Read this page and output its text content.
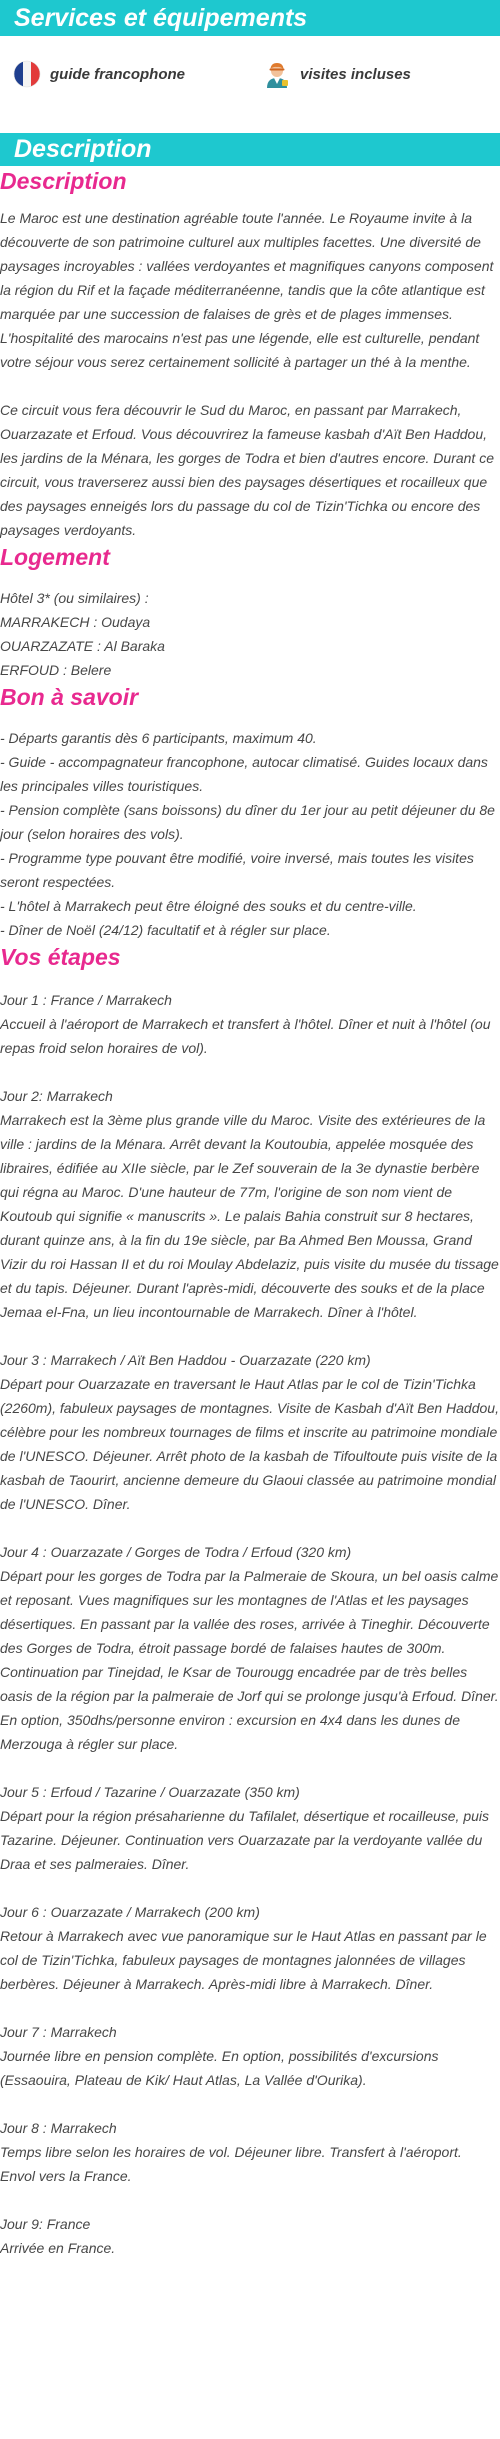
Services et équipements
guide francophone	visites incluses
Description
Description

Le Maroc est une destination agréable toute l'année. Le Royaume invite à la découverte de son patrimoine culturel aux multiples facettes. Une diversité de paysages incroyables : vallées verdoyantes et magnifiques canyons composent la région du Rif et la façade méditerranéenne, tandis que la côte atlantique est marquée par une succession de falaises de grès et de plages immenses. L'hospitalité des marocains n'est pas une légende, elle est culturelle, pendant votre séjour vous serez certainement sollicité à partager un thé à la menthe.

Ce circuit vous fera découvrir le Sud du Maroc, en passant par Marrakech, Ouarzazate et Erfoud. Vous découvrirez la fameuse kasbah d'Aït Ben Haddou, les jardins de la Ménara, les gorges de Todra et bien d'autres encore. Durant ce circuit, vous traverserez aussi bien des paysages désertiques et rocailleux que des paysages enneigés lors du passage du col de Tizin'Tichka ou encore des paysages verdoyants.

Logement

Hôtel 3* (ou similaires) :
MARRAKECH : Oudaya
OUARZAZATE : Al Baraka
ERFOUD : Belere

Bon à savoir

- Départs garantis dès 6 participants, maximum 40.
- Guide - accompagnateur francophone, autocar climatisé. Guides locaux dans les principales villes touristiques.
- Pension complète (sans boissons) du dîner du 1er jour au petit déjeuner du 8e jour (selon horaires des vols).
- Programme type pouvant être modifié, voire inversé, mais toutes les visites seront respectées.
- L'hôtel à Marrakech peut être éloigné des souks et du centre-ville.
- Dîner de Noël (24/12) facultatif et à régler sur place.

Vos étapes
Jour 1 : France / Marrakech
Accueil à l'aéroport de Marrakech et transfert à l'hôtel. Dîner et nuit à l'hôtel (ou repas froid selon horaires de vol).
Jour 2: Marrakech
Marrakech est la 3ème plus grande ville du Maroc. Visite des extérieures de la ville : jardins de la Ménara. Arrêt devant la Koutoubia, appelée mosquée des libraires, édifiée au XIIe siècle, par le Zef souverain de la 3e dynastie berbère qui régna au Maroc. D'une hauteur de 77m, l'origine de son nom vient de Koutoub qui signifie « manuscrits ». Le palais Bahia construit sur 8 hectares, durant quinze ans, à la fin du 19e siècle, par Ba Ahmed Ben Moussa, Grand Vizir du roi Hassan II et du roi Moulay Abdelaziz, puis visite du musée du tissage et du tapis. Déjeuner. Durant l'après-midi, découverte des souks et de la place Jemaa el-Fna, un lieu incontournable de Marrakech. Dîner à l'hôtel.
Jour 3 : Marrakech / Aït Ben Haddou - Ouarzazate (220 km)
Départ pour Ouarzazate en traversant le Haut Atlas par le col de Tizin'Tichka (2260m), fabuleux paysages de montagnes. Visite de Kasbah d'Aït Ben Haddou, célèbre pour les nombreux tournages de films et inscrite au patrimoine mondiale de l'UNESCO. Déjeuner. Arrêt photo de la kasbah de Tifoultoute puis visite de la kasbah de Taourirt, ancienne demeure du Glaoui classée au patrimoine mondial de l'UNESCO. Dîner.
Jour 4 : Ouarzazate / Gorges de Todra / Erfoud (320 km)
Départ pour les gorges de Todra par la Palmeraie de Skoura, un bel oasis calme et reposant. Vues magnifiques sur les montagnes de l'Atlas et les paysages désertiques. En passant par la vallée des roses, arrivée à Tineghir. Découverte des Gorges de Todra, étroit passage bordé de falaises hautes de 300m. Continuation par Tinejdad, le Ksar de Tourougg encadrée par de très belles oasis de la région par la palmeraie de Jorf qui se prolonge jusqu'à Erfoud. Dîner. En option, 350dhs/personne environ : excursion en 4x4 dans les dunes de Merzouga à régler sur place.
Jour 5 : Erfoud / Tazarine / Ouarzazate (350 km)
Départ pour la région présaharienne du Tafilalet, désertique et rocailleuse, puis Tazarine. Déjeuner. Continuation vers Ouarzazate par la verdoyante vallée du Draa et ses palmeraies. Dîner.
Jour 6 : Ouarzazate / Marrakech (200 km)
Retour à Marrakech avec vue panoramique sur le Haut Atlas en passant par le col de Tizin'Tichka, fabuleux paysages de montagnes jalonnées de villages berbères. Déjeuner à Marrakech. Après-midi libre à Marrakech. Dîner.
Jour 7 : Marrakech
Journée libre en pension complète. En option, possibilités d'excursions (Essaouira, Plateau de Kik/ Haut Atlas, La Vallée d'Ourika).
Jour 8 : Marrakech
Temps libre selon les horaires de vol. Déjeuner libre. Transfert à l'aéroport. Envol vers la France.
Jour 9: France
Arrivée en France.
